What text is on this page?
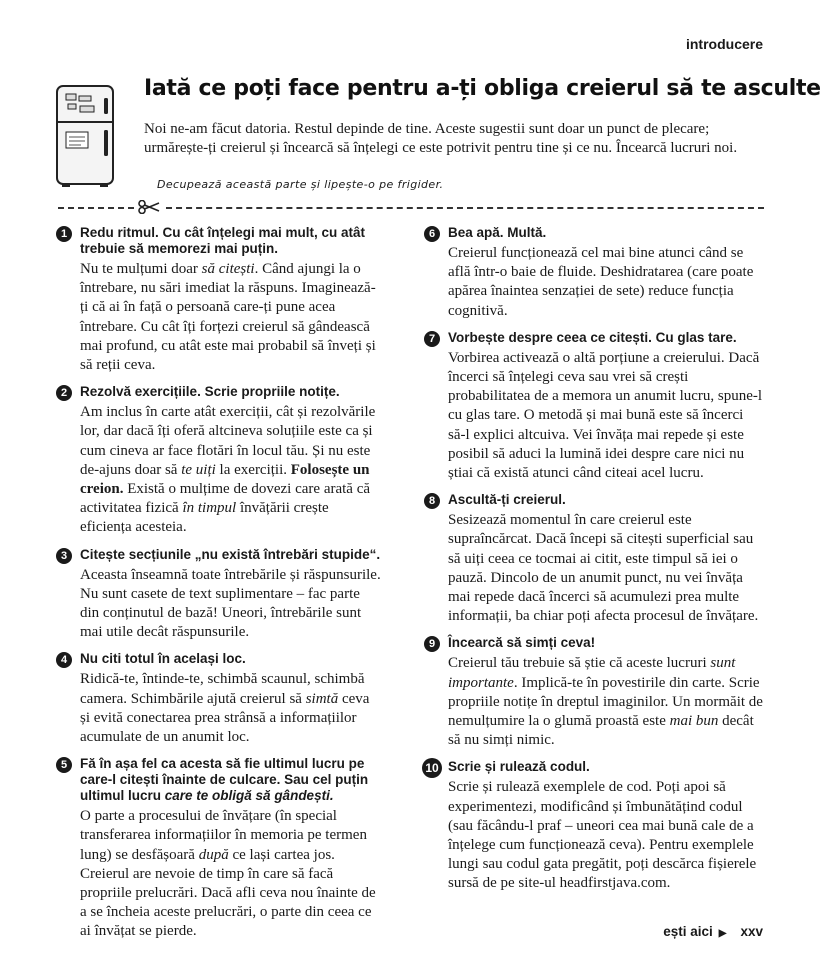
introducere
Iată ce poți face pentru a-ți obliga creierul să te asculte

Noi ne-am făcut datoria. Restul depinde de tine. Aceste sugestii sunt doar un punct de plecare; urmărește-ți creierul și încearcă să înțelegi ce este potrivit pentru tine și ce nu. Încearcă lucruri noi.

Decupează această parte și lipește-o pe frigider.
1 Redu ritmul. Cu cât înțelegi mai mult, cu atât trebuie să memorezi mai puțin.

Nu te mulțumi doar să citești. Când ajungi la o întrebare, nu sări imediat la răspuns. Imaginează-ți că ai în față o persoană care-ți pune acea întrebare. Cu cât îți forțezi creierul să gândească mai profund, cu atât este mai probabil să înveți și să reții ceva.

2 Rezolvă exercițiile. Scrie propriile notițe.

Am inclus în carte atât exerciții, cât și rezolvările lor, dar dacă îți oferă altcineva soluțiile este ca și cum cineva ar face flotări în locul tău. Și nu este de-ajuns doar să te uiți la exerciții. Folosește un creion. Există o mulțime de dovezi care arată că activitatea fizică în timpul învățării crește eficiența acesteia.

3 Citește secțiunile „nu există întrebări stupide“.

Aceasta înseamnă toate întrebările și răspunsurile. Nu sunt casete de text suplimentare – fac parte din conținutul de bază! Uneori, întrebările sunt mai utile decât răspunsurile.

4 Nu citi totul în același loc.

Ridică-te, întinde-te, schimbă scaunul, schimbă camera. Schimbările ajută creierul să simtă ceva și evită conectarea prea strânsă a informațiilor acumulate de un anumit loc.

5 Fă în așa fel ca acesta să fie ultimul lucru pe care-l citești înainte de culcare. Sau cel puțin ultimul lucru care te obligă să gândești.

O parte a procesului de învățare (în special transferarea informațiilor în memoria pe termen lung) se desfășoară după ce lași cartea jos. Creierul are nevoie de timp în care să facă propriile prelucrări. Dacă afli ceva nou înainte de a se încheia aceste prelucrări, o parte din ceea ce ai învățat se pierde.

6 Bea apă. Multă.

Creierul funcționează cel mai bine atunci când se află într-o baie de fluide. Deshidratarea (care poate apărea înaintea senzației de sete) reduce funcția cognitivă.

7 Vorbește despre ceea ce citești. Cu glas tare.

Vorbirea activează o altă porțiune a creierului. Dacă încerci să înțelegi ceva sau vrei să crești probabilitatea de a memora un anumit lucru, spune-l cu glas tare. O metodă și mai bună este să încerci să-l explici altcuiva. Vei învăța mai repede și este posibil să aduci la lumină idei despre care nici nu știai că există atunci când citeai acel lucru.

8 Ascultă-ți creierul.

Sesizează momentul în care creierul este supraîncărcat. Dacă începi să citești superficial sau să uiți ceea ce tocmai ai citit, este timpul să iei o pauză. Dincolo de un anumit punct, nu vei învăța mai repede dacă încerci să acumulezi prea multe informații, ba chiar poți afecta procesul de învățare.

9 Încearcă să simți ceva!

Creierul tău trebuie să știe că aceste lucruri sunt importante. Implică-te în povestirile din carte. Scrie propriile notițe în dreptul imaginilor. Un mormăit de nemulțumire la o glumă proastă este mai bun decât să nu simți nimic.

10 Scrie și rulează codul.

Scrie și rulează exemplele de cod. Poți apoi să experimentezi, modificând și îmbunătățind codul (sau făcându-l praf – uneori cea mai bună cale de a înțelege cum funcționează ceva). Pentru exemplele lungi sau codul gata pregătit, poți descărca fișierele sursă de pe site-ul headfirstjava.com.

ești aici ▶ xxv
